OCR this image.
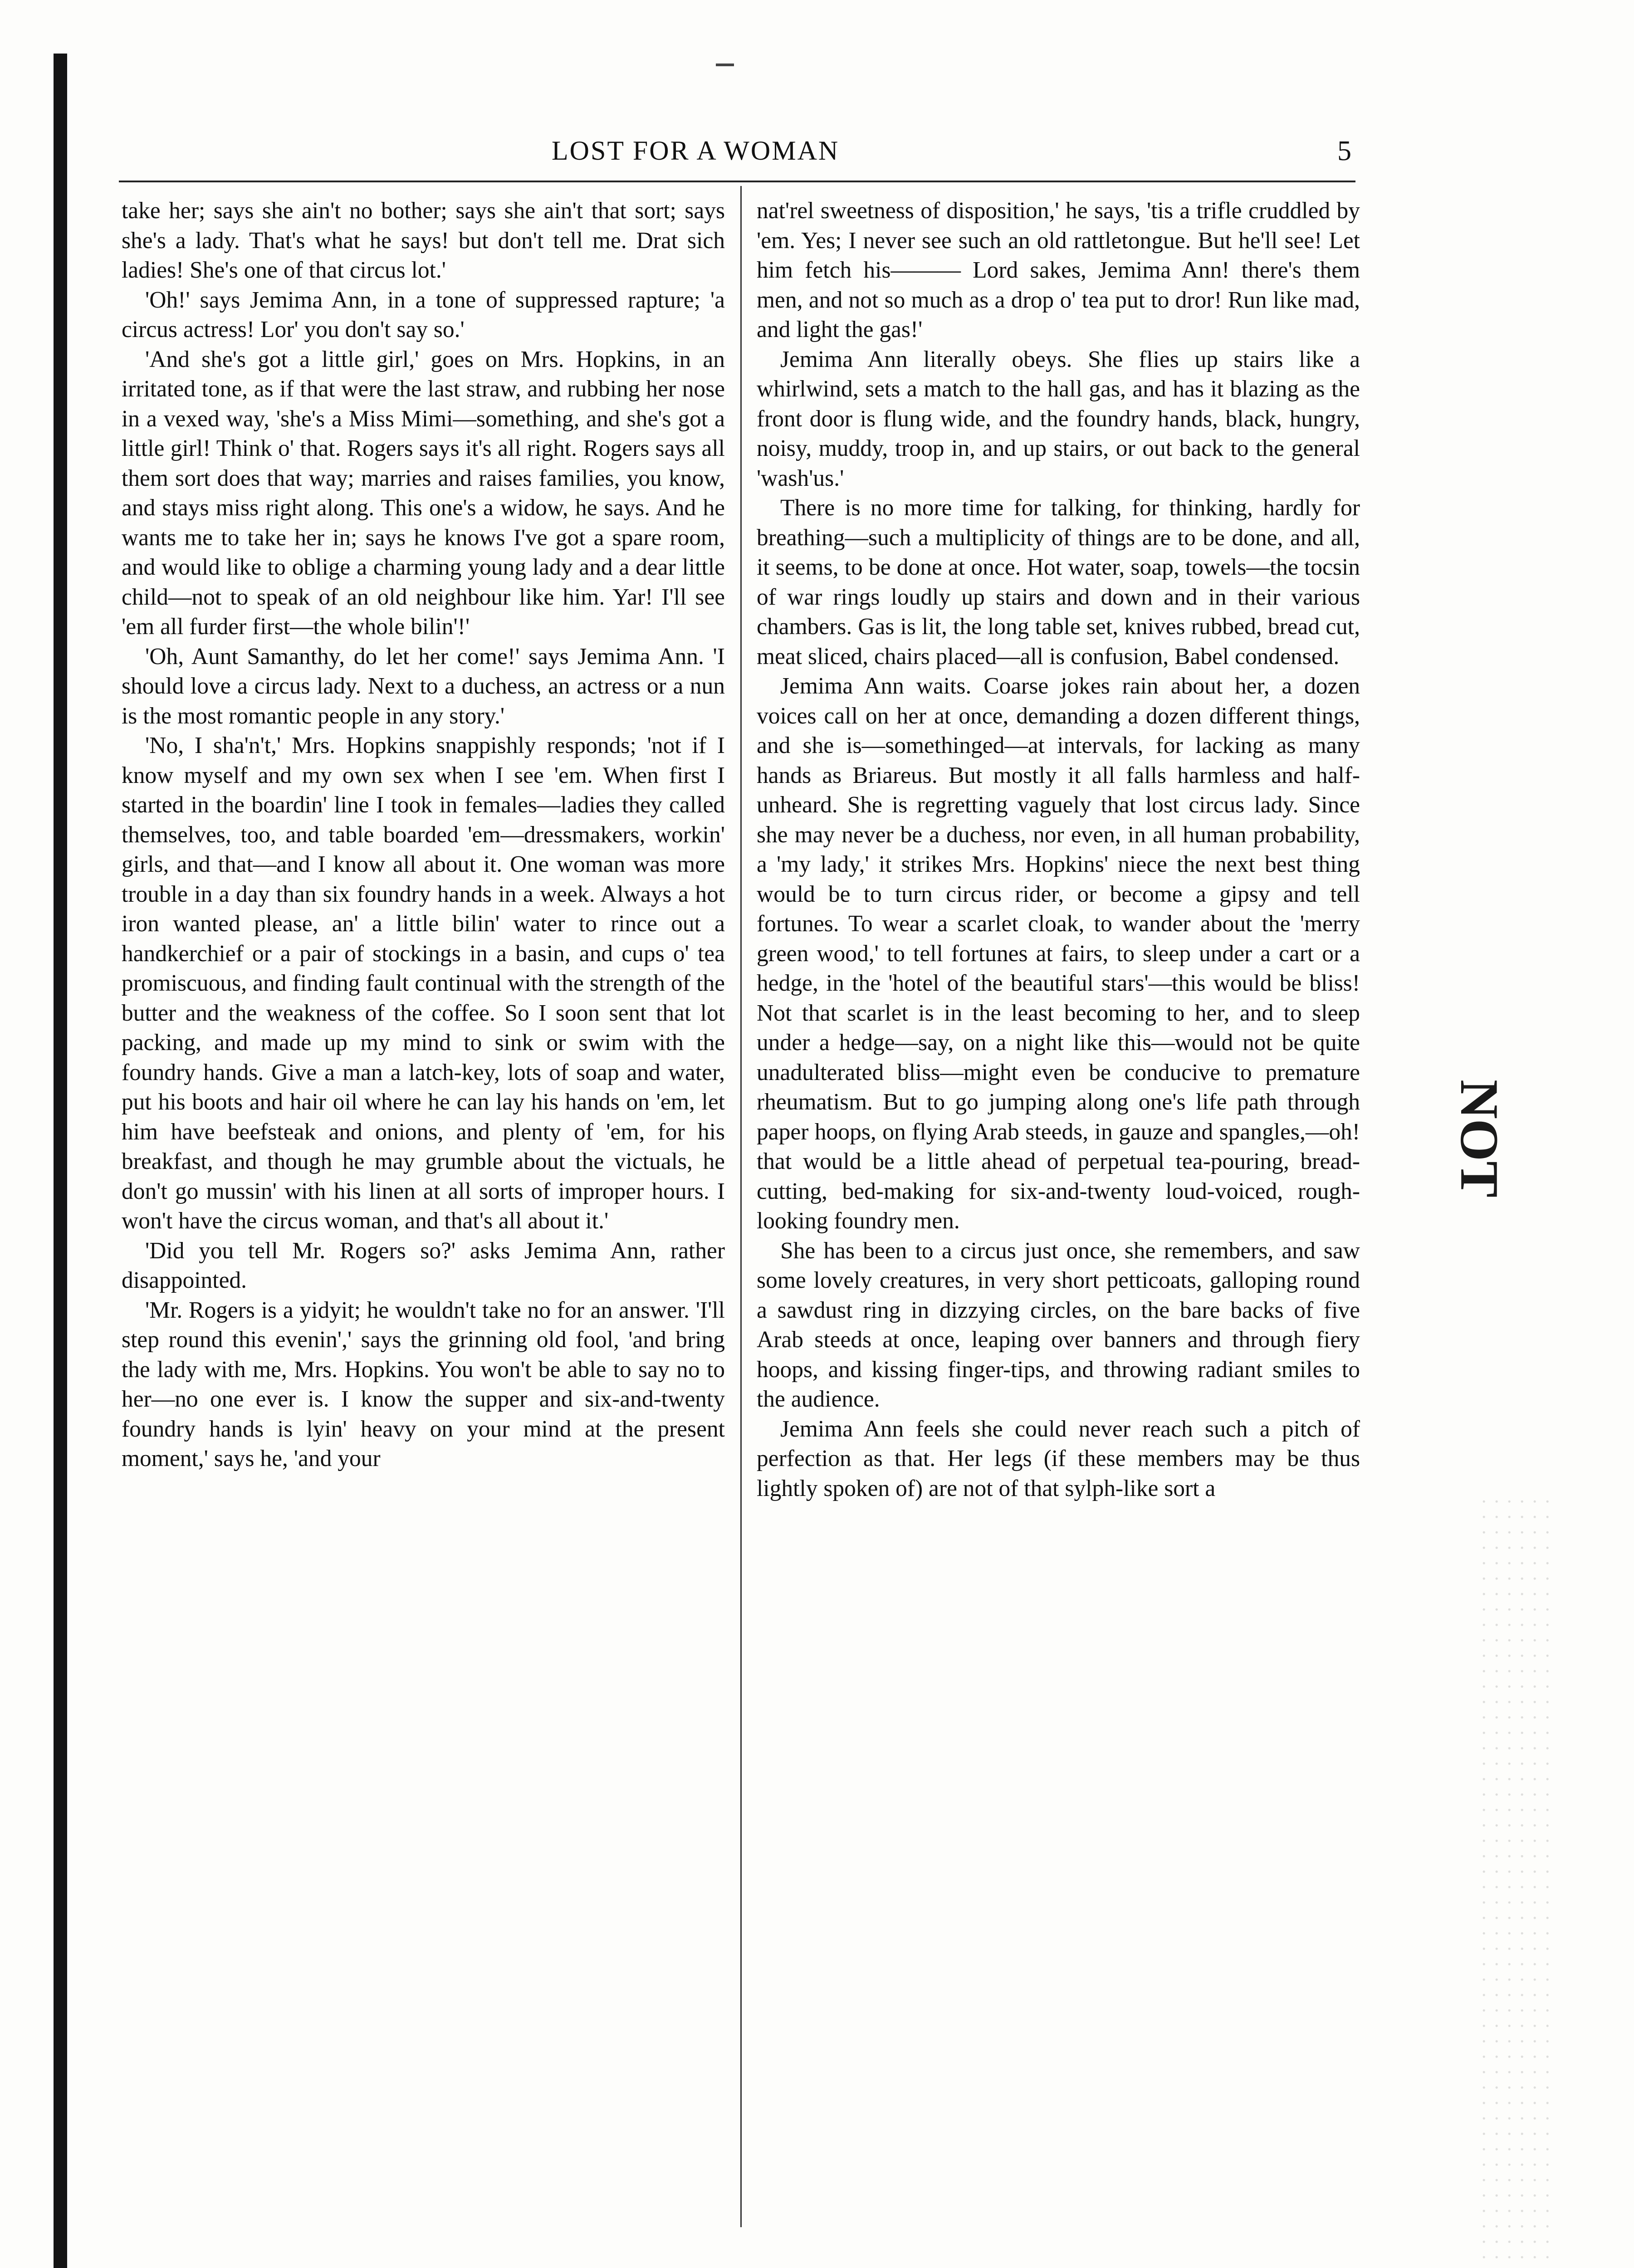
LOST FOR A WOMAN	5

take her; says she ain't no bother; says she ain't that sort; says she's a lady. That's what he says! but don't tell me. Drat sich ladies! She's one of that circus lot.'

'Oh!' says Jemima Ann, in a tone of suppressed rapture; 'a circus actress! Lor' you don't say so.'

'And she's got a little girl,' goes on Mrs. Hopkins, in an irritated tone, as if that were the last straw, and rubbing her nose in a vexed way, 'she's a Miss Mimi—something, and she's got a little girl! Think o' that. Rogers says it's all right. Rogers says all them sort does that way; marries and raises families, you know, and stays miss right along. This one's a widow, he says. And he wants me to take her in; says he knows I've got a spare room, and would like to oblige a charming young lady and a dear little child—not to speak of an old neighbour like him. Yar! I'll see 'em all furder first—the whole bilin'!'

'Oh, Aunt Samanthy, do let her come!' says Jemima Ann. 'I should love a circus lady. Next to a duchess, an actress or a nun is the most romantic people in any story.'

'No, I sha'n't,' Mrs. Hopkins snappishly responds; 'not if I know myself and my own sex when I see 'em. When first I started in the boardin' line I took in females—ladies they called themselves, too, and table boarded 'em—dressmakers, workin' girls, and that—and I know all about it. One woman was more trouble in a day than six foundry hands in a week. Always a hot iron wanted please, an' a little bilin' water to rince out a handkerchief or a pair of stockings in a basin, and cups o' tea promiscuous, and finding fault continual with the strength of the butter and the weakness of the coffee. So I soon sent that lot packing, and made up my mind to sink or swim with the foundry hands. Give a man a latch-key, lots of soap and water, put his boots and hair oil where he can lay his hands on 'em, let him have beefsteak and onions, and plenty of 'em, for his breakfast, and though he may grumble about the victuals, he don't go mussin' with his linen at all sorts of improper hours. I won't have the circus woman, and that's all about it.'

'Did you tell Mr. Rogers so?' asks Jemima Ann, rather disappointed.

'Mr. Rogers is a yidyit; he wouldn't take no for an answer. 'I'll step round this evenin',' says the grinning old fool, 'and bring the lady with me, Mrs. Hopkins. You won't be able to say no to her—no one ever is. I know the supper and six-and-twenty foundry hands is lyin' heavy on your mind at the present moment,' says he, 'and your

nat'rel sweetness of disposition,' he says, 'tis a trifle cruddled by 'em. Yes; I never see such an old rattletongue. But he'll see! Let him fetch his——— Lord sakes, Jemima Ann! there's them men, and not so much as a drop o' tea put to dror! Run like mad, and light the gas!'

Jemima Ann literally obeys. She flies up stairs like a whirlwind, sets a match to the hall gas, and has it blazing as the front door is flung wide, and the foundry hands, black, hungry, noisy, muddy, troop in, and up stairs, or out back to the general 'wash'us.'

There is no more time for talking, for thinking, hardly for breathing—such a multiplicity of things are to be done, and all, it seems, to be done at once. Hot water, soap, towels—the tocsin of war rings loudly up stairs and down and in their various chambers. Gas is lit, the long table set, knives rubbed, bread cut, meat sliced, chairs placed—all is confusion, Babel condensed.

Jemima Ann waits. Coarse jokes rain about her, a dozen voices call on her at once, demanding a dozen different things, and she is—somethinged—at intervals, for lacking as many hands as Briareus. But mostly it all falls harmless and half-unheard. She is regretting vaguely that lost circus lady. Since she may never be a duchess, nor even, in all human probability, a 'my lady,' it strikes Mrs. Hopkins' niece the next best thing would be to turn circus rider, or become a gipsy and tell fortunes. To wear a scarlet cloak, to wander about the 'merry green wood,' to tell fortunes at fairs, to sleep under a cart or a hedge, in the 'hotel of the beautiful stars'—this would be bliss! Not that scarlet is in the least becoming to her, and to sleep under a hedge—say, on a night like this—would not be quite unadulterated bliss—might even be conducive to premature rheumatism. But to go jumping along one's life path through paper hoops, on flying Arab steeds, in gauze and spangles,—oh! that would be a little ahead of perpetual tea-pouring, bread-cutting, bed-making for six-and-twenty loud-voiced, rough-looking foundry men.

She has been to a circus just once, she remembers, and saw some lovely creatures, in very short petticoats, galloping round a sawdust ring in dizzying circles, on the bare backs of five Arab steeds at once, leaping over banners and through fiery hoops, and kissing finger-tips, and throwing radiant smiles to the audience.

Jemima Ann feels she could never reach such a pitch of perfection as that. Her legs (if these members may be thus lightly spoken of) are not of that sylph-like sort a

NOT
